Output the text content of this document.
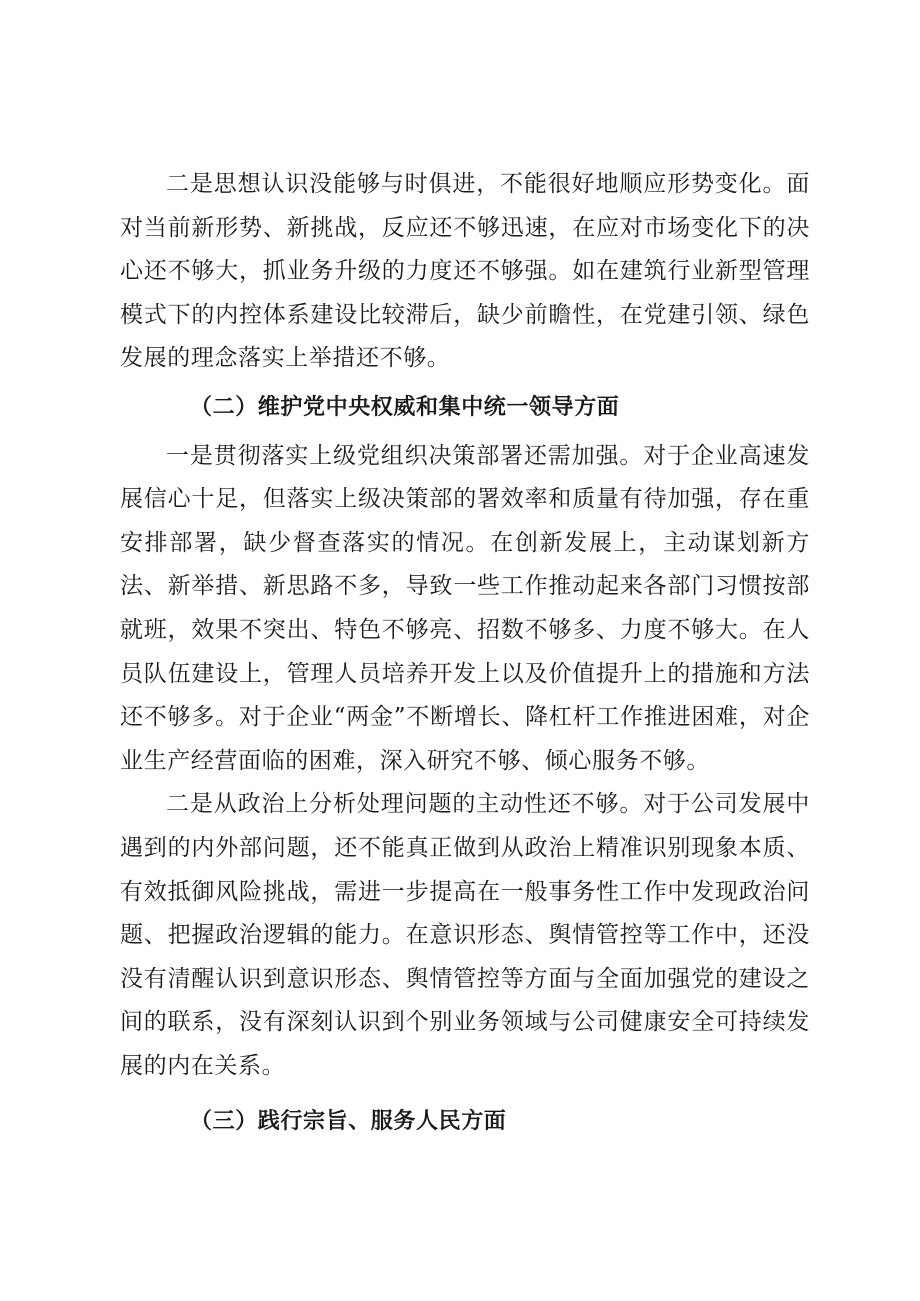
二是思想认识没能够与时俱进，不能很好地顺应形势变化。面对当前新形势、新挑战，反应还不够迅速，在应对市场变化下的决心还不够大，抓业务升级的力度还不够强。如在建筑行业新型管理模式下的内控体系建设比较滞后，缺少前瞻性，在党建引领、绿色发展的理念落实上举措还不够。

（二）维护党中央权威和集中统一领导方面

一是贯彻落实上级党组织决策部署还需加强。对于企业高速发展信心十足，但落实上级决策部的署效率和质量有待加强，存在重安排部署，缺少督查落实的情况。在创新发展上，主动谋划新方法、新举措、新思路不多，导致一些工作推动起来各部门习惯按部就班，效果不突出、特色不够亮、招数不够多、力度不够大。在人员队伍建设上，管理人员培养开发上以及价值提升上的措施和方法还不够多。对于企业“两金”不断增长、降杠杆工作推进困难，对企业生产经营面临的困难，深入研究不够、倾心服务不够。

二是从政治上分析处理问题的主动性还不够。对于公司发展中遇到的内外部问题，还不能真正做到从政治上精准识别现象本质、有效抵御风险挑战，需进一步提高在一般事务性工作中发现政治问题、把握政治逻辑的能力。在意识形态、舆情管控等工作中，还没没有清醒认识到意识形态、舆情管控等方面与全面加强党的建设之间的联系，没有深刻认识到个别业务领域与公司健康安全可持续发展的内在关系。

（三）践行宗旨、服务人民方面
